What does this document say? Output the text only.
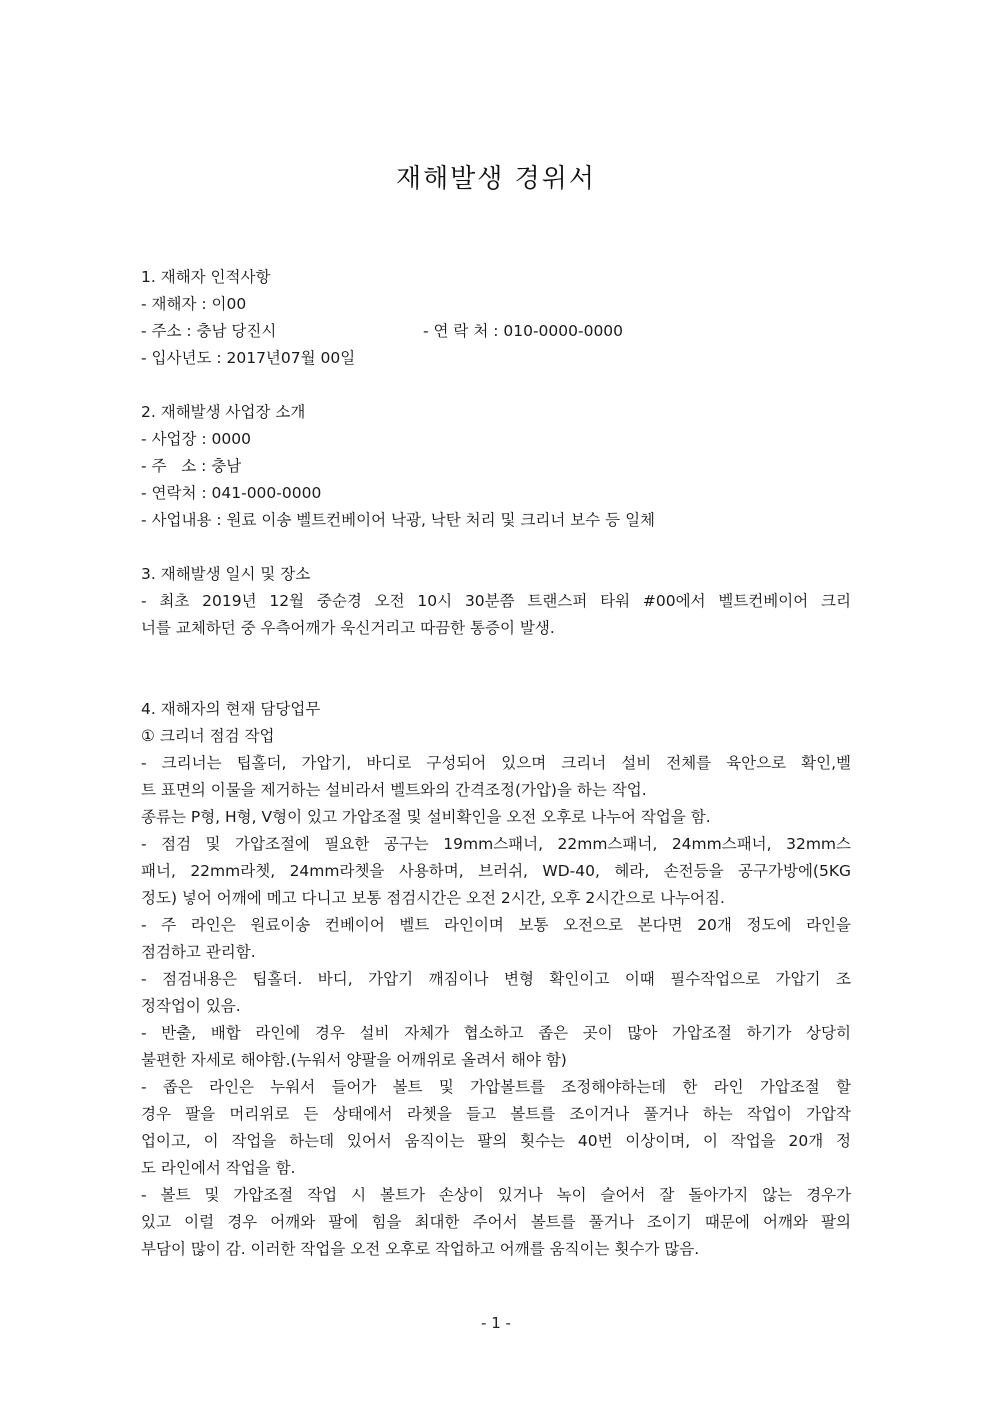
재해발생 경위서
1. 재해자 인적사항
- 재해자 : 이00
- 주소 : 충남 당진시	- 연 락 처 : 010-0000-0000
- 입사년도 : 2017년07월 00일
2. 재해발생 사업장 소개
- 사업장 : 0000
- 주   소 : 충남
- 연락처 : 041-000-0000
- 사업내용 : 원료 이송 벨트컨베이어 낙광, 낙탄 처리 및 크리너 보수 등 일체
3. 재해발생 일시 및 장소
- 최초 2019년 12월 중순경 오전 10시 30분쯤 트랜스퍼 타워 #00에서 벨트컨베이어 크리
너를 교체하던 중 우측어깨가 욱신거리고 따끔한 통증이 발생.
4. 재해자의 현재 담당업무
① 크리너 점검 작업
- 크리너는 팁홀더, 가압기, 바디로 구성되어 있으며 크리너 설비 전체를 육안으로 확인,벨
트 표면의 이물을 제거하는 설비라서 벨트와의 간격조정(가압)을 하는 작업.
종류는 P형, H형, V형이 있고 가압조절 및 설비확인을 오전 오후로 나누어 작업을 함.
- 점검 및 가압조절에 필요한 공구는 19mm스패너, 22mm스패너, 24mm스패너, 32mm스
패너, 22mm라쳇, 24mm라쳇을 사용하며, 브러쉬, WD-40, 헤라, 손전등을 공구가방에(5KG
정도) 넣어 어깨에 메고 다니고 보통 점검시간은 오전 2시간, 오후 2시간으로 나누어짐.
- 주 라인은 원료이송 컨베이어 벨트 라인이며 보통 오전으로 본다면 20개 정도에 라인을
점검하고 관리함.
- 점검내용은 팁홀더. 바디, 가압기 깨짐이나 변형 확인이고 이때 필수작업으로 가압기 조
정작업이 있음.
- 반출, 배합 라인에 경우 설비 자체가 협소하고 좁은 곳이 많아 가압조절 하기가 상당히
불편한 자세로 해야함.(누워서 양팔을 어깨위로 올려서 해야 함)
- 좁은 라인은 누워서 들어가 볼트 및 가압볼트를 조정해야하는데 한 라인 가압조절 할
경우 팔을 머리위로 든 상태에서 라쳇을 들고 볼트를 조이거나 풀거나 하는 작업이 가압작
업이고, 이 작업을 하는데 있어서 움직이는 팔의 횟수는 40번 이상이며, 이 작업을 20개 정
도 라인에서 작업을 함.
- 볼트 및 가압조절 작업 시 볼트가 손상이 있거나 녹이 슬어서 잘 돌아가지 않는 경우가
있고 이럴 경우 어깨와 팔에 힘을 최대한 주어서 볼트를 풀거나 조이기 때문에 어깨와 팔의
부담이 많이 감. 이러한 작업을 오전 오후로 작업하고 어깨를 움직이는 횟수가 많음.
- 1 -
